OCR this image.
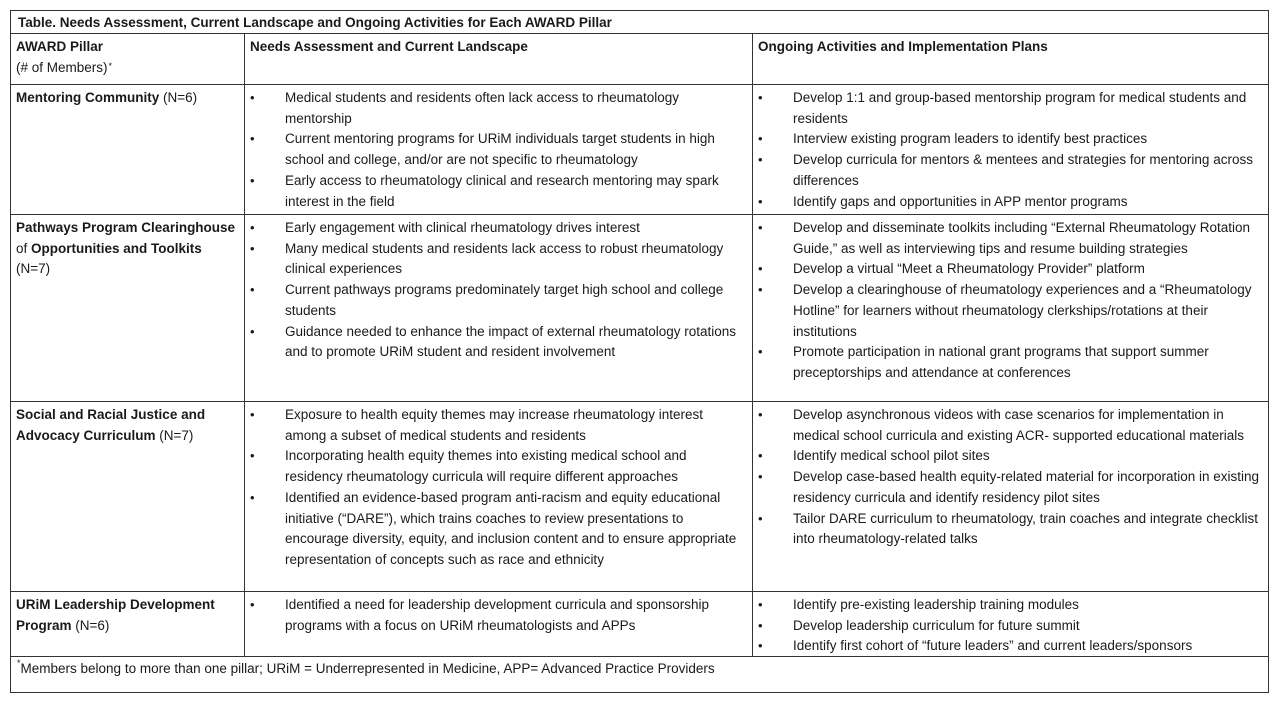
Table. Needs Assessment, Current Landscape and Ongoing Activities for Each AWARD Pillar
AWARD Pillar
(# of Members)*
Needs Assessment and Current Landscape	Ongoing Activities and Implementation Plans
Mentoring Community (N=6)	• Medical students and residents often lack access to rheumatology mentorship
• Current mentoring programs for URiM individuals target students in high school and college, and/or are not specific to rheumatology
• Early access to rheumatology clinical and research mentoring may spark interest in the field
• Develop 1:1 and group-based mentorship program for medical students and residents
• Interview existing program leaders to identify best practices
• Develop curricula for mentors & mentees and strategies for mentoring across differences
• Identify gaps and opportunities in APP mentor programs
Pathways Program Clearinghouse
of Opportunities and Toolkits
(N=7)
• Early engagement with clinical rheumatology drives interest
• Many medical students and residents lack access to robust rheumatology clinical experiences
• Current pathways programs predominately target high school and college students
• Guidance needed to enhance the impact of external rheumatology rotations and to promote URiM student and resident involvement
• Develop and disseminate toolkits including “External Rheumatology Rotation Guide,” as well as interviewing tips and resume building strategies
• Develop a virtual “Meet a Rheumatology Provider” platform
• Develop a clearinghouse of rheumatology experiences and a “Rheumatology Hotline” for learners without rheumatology clerkships/rotations at their institutions
• Promote participation in national grant programs that support summer preceptorships and attendance at conferences
Social and Racial Justice and Advocacy Curriculum (N=7)
• Exposure to health equity themes may increase rheumatology interest among a subset of medical students and residents
• Incorporating health equity themes into existing medical school and residency rheumatology curricula will require different approaches
• Identified an evidence-based program anti-racism and equity educational initiative (“DARE”), which trains coaches to review presentations to encourage diversity, equity, and inclusion content and to ensure appropriate representation of concepts such as race and ethnicity
• Develop asynchronous videos with case scenarios for implementation in medical school curricula and existing ACR- supported educational materials
• Identify medical school pilot sites
• Develop case-based health equity-related material for incorporation in existing residency curricula and identify residency pilot sites
• Tailor DARE curriculum to rheumatology, train coaches and integrate checklist into rheumatology-related talks
URiM Leadership Development Program (N=6)
• Identified a need for leadership development curricula and sponsorship programs with a focus on URiM rheumatologists and APPs
• Identify pre-existing leadership training modules
• Develop leadership curriculum for future summit
• Identify first cohort of “future leaders” and current leaders/sponsors
*Members belong to more than one pillar; URiM = Underrepresented in Medicine, APP= Advanced Practice Providers
